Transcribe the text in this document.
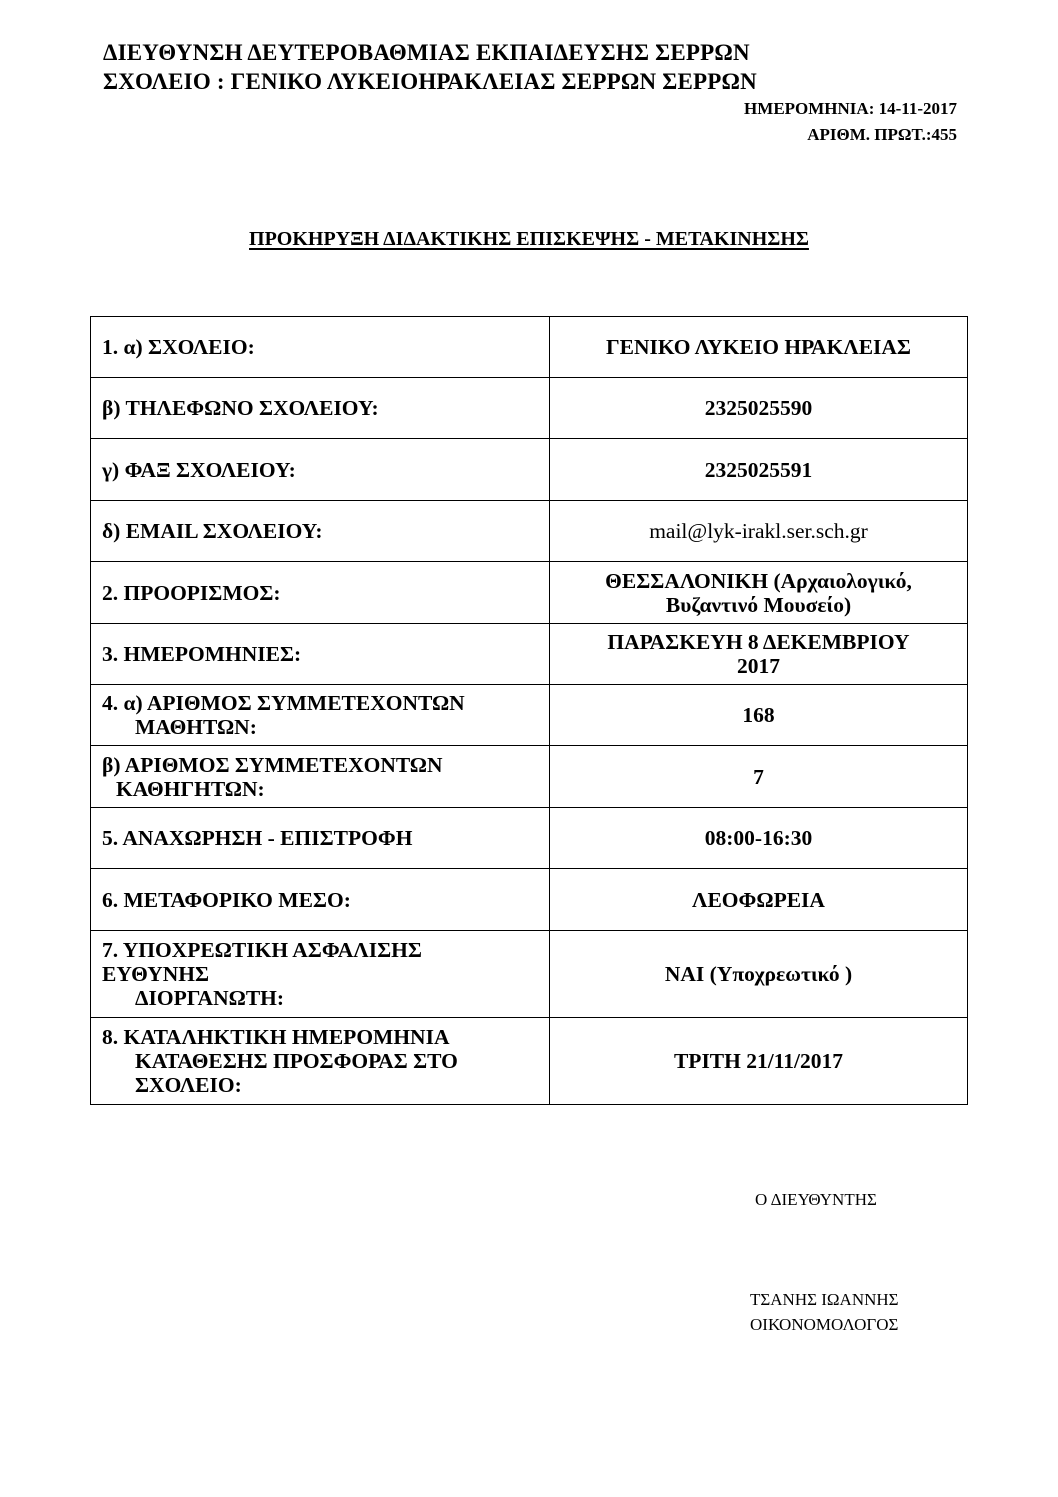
ΔΙΕΥΘΥΝΣΗ ΔΕΥΤΕΡΟΒΑΘΜΙΑΣ ΕΚΠΑΙΔΕΥΣΗΣ ΣΕΡΡΩΝ
ΣΧΟΛΕΙΟ : ΓΕΝΙΚΟ ΛΥΚΕΙΟΗΡΑΚΛΕΙΑΣ ΣΕΡΡΩΝ ΣΕΡΡΩΝ
ΗΜΕΡΟΜΗΝΙΑ: 14-11-2017
ΑΡΙΘΜ. ΠΡΩΤ.:455
ΠΡΟΚΗΡΥΞΗ ΔΙΔΑΚΤΙΚΗΣ ΕΠΙΣΚΕΨΗΣ - ΜΕΤΑΚΙΝΗΣΗΣ
1. α) ΣΧΟΛΕΙΟ:	ΓΕΝΙΚΟ ΛΥΚΕΙΟ ΗΡΑΚΛΕΙΑΣ
β) ΤΗΛΕΦΩΝΟ ΣΧΟΛΕΙΟΥ:	2325025590
γ) ΦΑΞ ΣΧΟΛΕΙΟΥ:	2325025591
δ) EMAIL ΣΧΟΛΕΙΟΥ:	mail@lyk-irakl.ser.sch.gr
2. ΠΡΟΟΡΙΣΜΟΣ:	ΘΕΣΣΑΛΟΝΙΚΗ (Αρχαιολογικό,
Βυζαντινό Μουσείο)

3. ΗΜΕΡΟΜΗΝΙΕΣ:	ΠΑΡΑΣΚΕΥΗ 8 ΔΕΚΕΜΒΡΙΟΥ
2017

4. α) ΑΡΙΘΜΟΣ ΣΥΜΜΕΤΕΧΟΝΤΩΝ
ΜΑΘΗΤΩΝ:	168

β) ΑΡΙΘΜΟΣ ΣΥΜΜΕΤΕΧΟΝΤΩΝ
ΚΑΘΗΓΗΤΩΝ:	7
5. ΑΝΑΧΩΡΗΣΗ - ΕΠΙΣΤΡΟΦΗ	08:00-16:30
6. ΜΕΤΑΦΟΡΙΚΟ ΜΕΣΟ:	ΛΕΟΦΩΡΕΙΑ

7. ΥΠΟΧΡΕΩΤΙΚΗ ΑΣΦΑΛΙΣΗΣ
ΕΥΘΥΝΗΣ
ΔΙΟΡΓΑΝΩΤΗ:	ΝΑΙ (Υποχρεωτικό )

8. ΚΑΤΑΛΗΚΤΙΚΗ ΗΜΕΡΟΜΗΝΙΑ
ΚΑΤΑΘΕΣΗΣ ΠΡΟΣΦΟΡΑΣ ΣΤΟ
ΣΧΟΛΕΙΟ:	ΤΡΙΤΗ 21/11/2017
Ο ΔΙΕΥΘΥΝΤΗΣ
ΤΣΑΝΗΣ ΙΩΑΝΝΗΣ
ΟΙΚΟΝΟΜΟΛΟΓΟΣ
